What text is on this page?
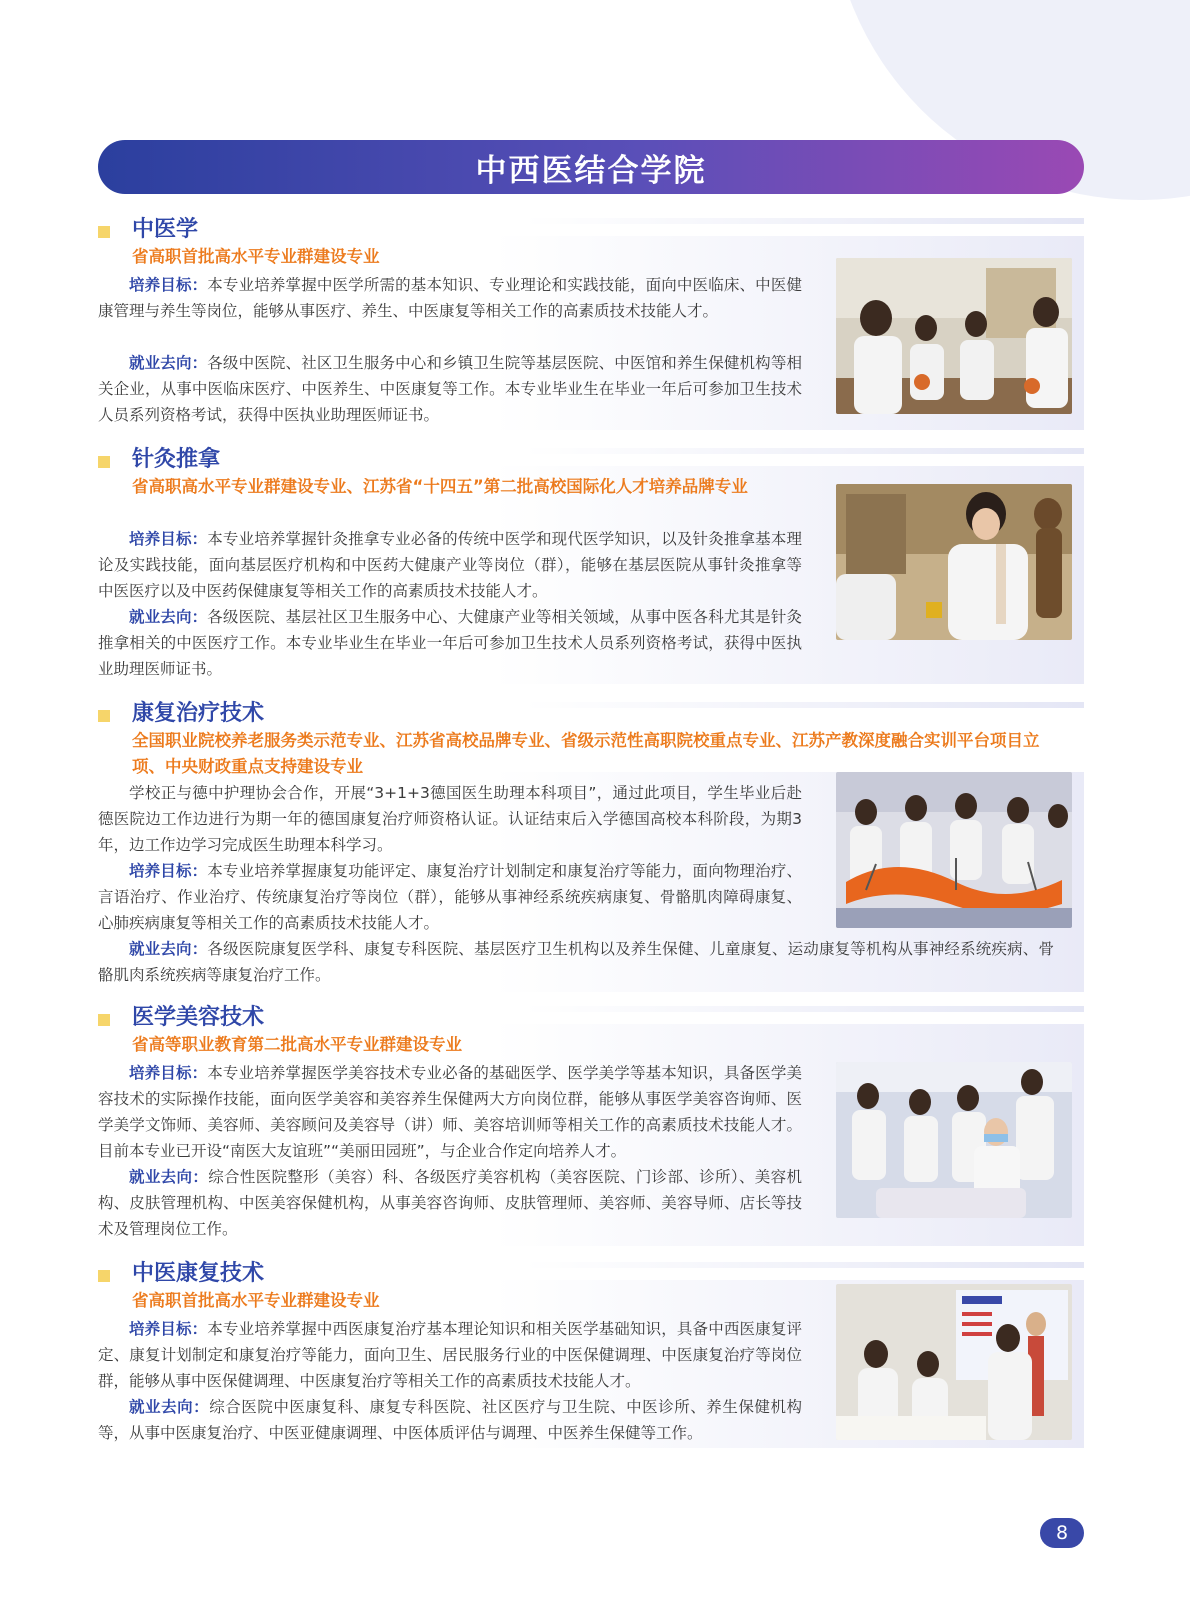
中西医结合学院
中医学
省高职首批高水平专业群建设专业

培养目标：本专业培养掌握中医学所需的基本知识、专业理论和实践技能，面向中医临床、中医健康管理与养生等岗位，能够从事医疗、养生、中医康复等相关工作的高素质技术技能人才。

就业去向：各级中医院、社区卫生服务中心和乡镇卫生院等基层医院、中医馆和养生保健机构等相关企业，从事中医临床医疗、中医养生、中医康复等工作。本专业毕业生在毕业一年后可参加卫生技术人员系列资格考试，获得中医执业助理医师证书。

针灸推拿
省高职高水平专业群建设专业、江苏省“十四五”第二批高校国际化人才培养品牌专业

培养目标：本专业培养掌握针灸推拿专业必备的传统中医学和现代医学知识，以及针灸推拿基本理论及实践技能，面向基层医疗机构和中医药大健康产业等岗位（群），能够在基层医院从事针灸推拿等中医医疗以及中医药保健康复等相关工作的高素质技术技能人才。

就业去向：各级医院、基层社区卫生服务中心、大健康产业等相关领域，从事中医各科尤其是针灸推拿相关的中医医疗工作。本专业毕业生在毕业一年后可参加卫生技术人员系列资格考试，获得中医执业助理医师证书。

康复治疗技术
全国职业院校养老服务类示范专业、江苏省高校品牌专业、省级示范性高职院校重点专业、江苏产教深度融合实训平台项目立项、中央财政重点支持建设专业

学校正与德中护理协会合作，开展“3+1+3德国医生助理本科项目”，通过此项目，学生毕业后赴德医院边工作边进行为期一年的德国康复治疗师资格认证。认证结束后入学德国高校本科阶段，为期3年，边工作边学习完成医生助理本科学习。

培养目标：本专业培养掌握康复功能评定、康复治疗计划制定和康复治疗等能力，面向物理治疗、言语治疗、作业治疗、传统康复治疗等岗位（群），能够从事神经系统疾病康复、骨骼肌肉障碍康复、心肺疾病康复等相关工作的高素质技术技能人才。

就业去向：各级医院康复医学科、康复专科医院、基层医疗卫生机构以及养生保健、儿童康复、运动康复等机构从事神经系统疾病、骨骼肌肉系统疾病等康复治疗工作。

医学美容技术
省高等职业教育第二批高水平专业群建设专业

培养目标：本专业培养掌握医学美容技术专业必备的基础医学、医学美学等基本知识，具备医学美容技术的实际操作技能，面向医学美容和美容养生保健两大方向岗位群，能够从事医学美容咨询师、医学美学文饰师、美容师、美容顾问及美容导（讲）师、美容培训师等相关工作的高素质技术技能人才。目前本专业已开设“南医大友谊班”“美丽田园班”，与企业合作定向培养人才。

就业去向：综合性医院整形（美容）科、各级医疗美容机构（美容医院、门诊部、诊所）、美容机构、皮肤管理机构、中医美容保健机构，从事美容咨询师、皮肤管理师、美容师、美容导师、店长等技术及管理岗位工作。

中医康复技术
省高职首批高水平专业群建设专业

培养目标：本专业培养掌握中西医康复治疗基本理论知识和相关医学基础知识，具备中西医康复评定、康复计划制定和康复治疗等能力，面向卫生、居民服务行业的中医保健调理、中医康复治疗等岗位群，能够从事中医保健调理、中医康复治疗等相关工作的高素质技术技能人才。

就业去向：综合医院中医康复科、康复专科医院、社区医疗与卫生院、中医诊所、养生保健机构等，从事中医康复治疗、中医亚健康调理、中医体质评估与调理、中医养生保健等工作。

8
